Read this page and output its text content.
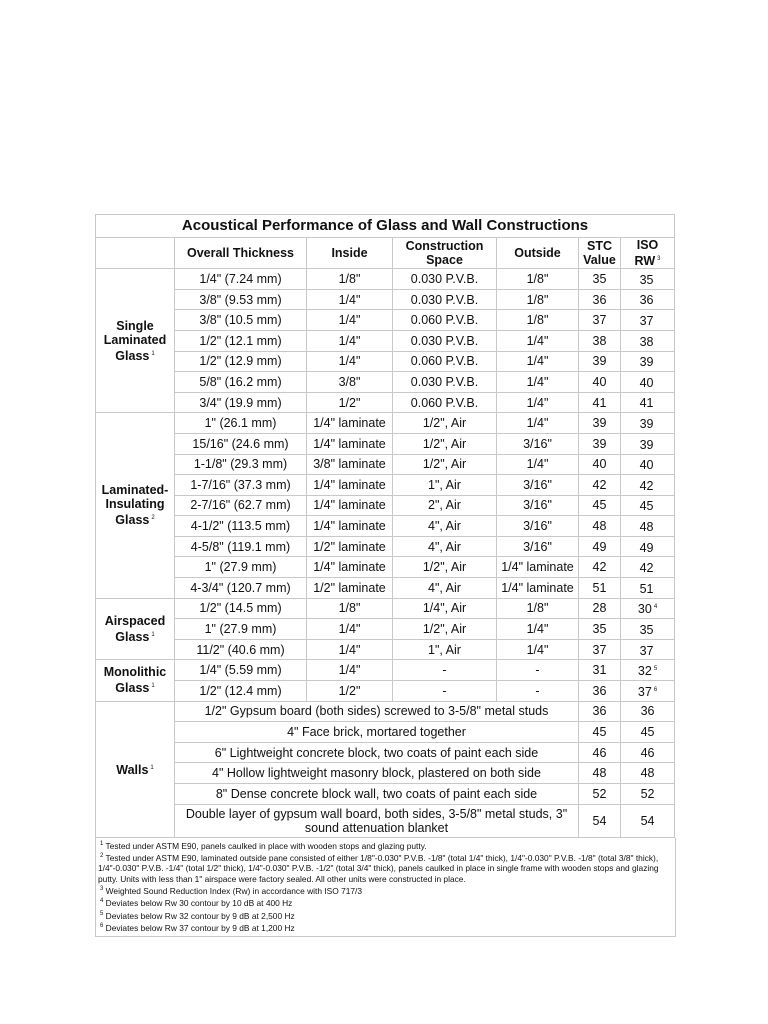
Acoustical Performance of Glass and Wall Constructions						
	Overall Thickness	Inside	Construction Space	Outside	STC Value	ISO RW $^3$
Single Laminated Glass $^1$	1/4" (7.24 mm)	1/8"	0.030 P.V.B.	1/8"	35	35
	3/8" (9.53 mm)	1/4"	0.030 P.V.B.	1/8"	36	36
	3/8" (10.5 mm)	1/4"	0.060 P.V.B.	1/8"	37	37
	1/2" (12.1 mm)	1/4"	0.030 P.V.B.	1/4"	38	38
	1/2" (12.9 mm)	1/4"	0.060 P.V.B.	1/4"	39	39
	5/8" (16.2 mm)	3/8"	0.030 P.V.B.	1/4"	40	40
	3/4" (19.9 mm)	1/2"	0.060 P.V.B.	1/4"	41	41
Laminated-Insulating Glass $^2$	1" (26.1 mm)	1/4" laminate	1/2", Air	1/4"	39	39
	15/16" (24.6 mm)	1/4" laminate	1/2", Air	3/16"	39	39
	1-1/8" (29.3 mm)	3/8" laminate	1/2", Air	1/4"	40	40
	1-7/16" (37.3 mm)	1/4" laminate	1", Air	3/16"	42	42
	2-7/16" (62.7 mm)	1/4" laminate	2", Air	3/16"	45	45
	4-1/2" (113.5 mm)	1/4" laminate	4", Air	3/16"	48	48
	4-5/8" (119.1 mm)	1/2" laminate	4", Air	3/16"	49	49
	1" (27.9 mm)	1/4" laminate	1/2", Air	1/4" laminate	42	42
	4-3/4" (120.7 mm)	1/2" laminate	4", Air	1/4" laminate	51	51
Airspaced Glass $^1$	1/2" (14.5 mm)	1/8"	1/4", Air	1/8"	28	30 $^4$
	1" (27.9 mm)	1/4"	1/2", Air	1/4"	35	35
	11/2" (40.6 mm)	1/4"	1", Air	1/4"	37	37
Monolithic Glass $^1$	1/4" (5.59 mm)	1/4"	-	-	31	32 $^5$
	1/2" (12.4 mm)	1/2"	-	-	36	37 $^6$
Walls $^1$	1/2" Gypsum board (both sides) screwed to 3-5/8" metal studs				36	36
	4" Face brick, mortared together				45	45
	6" Lightweight concrete block, two coats of paint each side				46	46
	4" Hollow lightweight masonry block, plastered on both side				48	48
	8" Dense concrete block wall, two coats of paint each side				52	52
	Double layer of gypsum wall board, both sides, 3-5/8" metal studs, 3" sound attenuation blanket				54	54
$^1$ Tested under ASTM E90, panels caulked in place with wooden stops and glazing putty.
$^2$ Tested under ASTM E90, laminated outside pane consisted of either 1/8"-0.030" P.V.B. -1/8" (total 1/4" thick), 1/4"-0.030" P.V.B. -1/8" (total 3/8" thick), 1/4"-0.030" P.V.B. -1/4" (total 1/2" thick), 1/4"-0.030" P.V.B. -1/2" (total 3/4" thick), panels caulked in place in single frame with wooden stops and glazing putty. Units with less than 1" airspace were factory sealed. All other units were constructed in place.
$^3$ Weighted Sound Reduction Index (Rw) in accordance with ISO 717/3
$^4$ Deviates below Rw 30 contour by 10 dB at 400 Hz
$^5$ Deviates below Rw 32 contour by 9 dB at 2,500 Hz
$^6$ Deviates below Rw 37 contour by 9 dB at 1,200 Hz
